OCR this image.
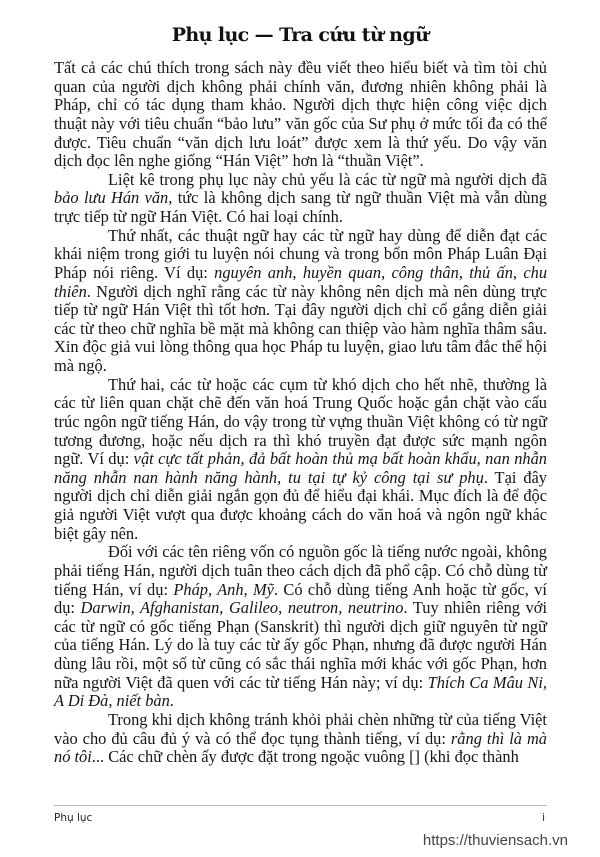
Phụ lục — Tra cứu từ ngữ

Tất cả các chú thích trong sách này đều viết theo hiểu biết và tìm tòi chủ quan của người dịch không phải chính văn, đương nhiên không phải là Pháp, chỉ có tác dụng tham khảo. Người dịch thực hiện công việc dịch thuật này với tiêu chuẩn “bảo lưu” văn gốc của Sư phụ ở mức tối đa có thể được. Tiêu chuẩn “văn dịch lưu loát” được xem là thứ yếu. Do vậy văn dịch đọc lên nghe giống “Hán Việt” hơn là “thuần Việt”.

Liệt kê trong phụ lục này chủ yếu là các từ ngữ mà người dịch đã bảo lưu Hán văn, tức là không dịch sang từ ngữ thuần Việt mà vẫn dùng trực tiếp từ ngữ Hán Việt. Có hai loại chính.

Thứ nhất, các thuật ngữ hay các từ ngữ hay dùng để diễn đạt các khái niệm trong giới tu luyện nói chung và trong bổn môn Pháp Luân Đại Pháp nói riêng. Ví dụ: nguyên anh, huyền quan, công thân, thủ ấn, chu thiên. Người dịch nghĩ rằng các từ này không nên dịch mà nên dùng trực tiếp từ ngữ Hán Việt thì tốt hơn. Tại đây người dịch chỉ cố gắng diễn giải các từ theo chữ nghĩa bề mặt mà không can thiệp vào hàm nghĩa thâm sâu. Xin độc giả vui lòng thông qua học Pháp tu luyện, giao lưu tâm đắc thể hội mà ngộ.

Thứ hai, các từ hoặc các cụm từ khó dịch cho hết nhẽ, thường là các từ liên quan chặt chẽ đến văn hoá Trung Quốc hoặc gắn chặt vào cấu trúc ngôn ngữ tiếng Hán, do vậy trong từ vựng thuần Việt không có từ ngữ tương đương, hoặc nếu dịch ra thì khó truyền đạt được sức mạnh ngôn ngữ. Ví dụ: vật cực tất phản, đả bất hoàn thủ mạ bất hoàn khẩu, nan nhẫn năng nhẫn nan hành năng hành, tu tại tự kỷ công tại sư phụ. Tại đây người dịch chỉ diễn giải ngắn gọn đủ để hiểu đại khái. Mục đích là để độc giả người Việt vượt qua được khoảng cách do văn hoá và ngôn ngữ khác biệt gây nên.

Đối với các tên riêng vốn có nguồn gốc là tiếng nước ngoài, không phải tiếng Hán, người dịch tuân theo cách dịch đã phổ cập. Có chỗ dùng từ tiếng Hán, ví dụ: Pháp, Anh, Mỹ. Có chỗ dùng tiếng Anh hoặc từ gốc, ví dụ: Darwin, Afghanistan, Galileo, neutron, neutrino. Tuy nhiên riêng với các từ ngữ có gốc tiếng Phạn (Sanskrit) thì người dịch giữ nguyên từ ngữ của tiếng Hán. Lý do là tuy các từ ấy gốc Phạn, nhưng đã được người Hán dùng lâu rồi, một số từ cũng có sắc thái nghĩa mới khác với gốc Phạn, hơn nữa người Việt đã quen với các từ tiếng Hán này; ví dụ: Thích Ca Mâu Ni, A Di Đà, niết bàn.

Trong khi dịch không tránh khỏi phải chèn những từ của tiếng Việt vào cho đủ câu đủ ý và có thể đọc tụng thành tiếng, ví dụ: rằng thì là mà nó tôi... Các chữ chèn ấy được đặt trong ngoặc vuông [] (khi đọc thành

Phụ lục	i
https://thuviensach.vn
